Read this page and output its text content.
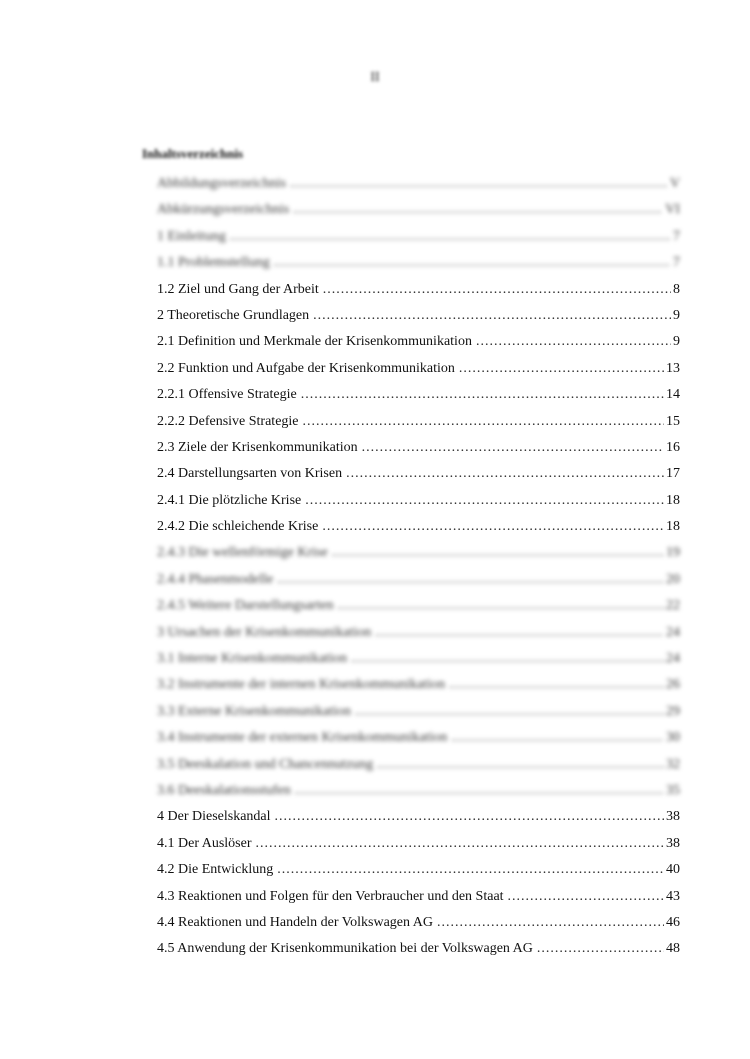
II
Inhaltsverzeichnis
Abbildungsverzeichnis .....	V
Abkürzungsverzeichnis .....	VI
1 Einleitung .....	7
1.1 Problemstellung .....	7
1.2 Ziel und Gang der Arbeit .....	8
2 Theoretische Grundlagen .....	9
2.1 Definition und Merkmale der Krisenkommunikation .....	9
2.2 Funktion und Aufgabe der Krisenkommunikation .....	13
2.2.1 Offensive Strategie .....	14
2.2.2 Defensive Strategie .....	15
2.3 Ziele der Krisenkommunikation .....	16
2.4 Darstellungsarten von Krisen .....	17
2.4.1 Die plötzliche Krise .....	18
2.4.2 Die schleichende Krise .....	18
2.4.3 Die wellenförmige Krise .....	19
2.4.4 Phasenmodelle .....	20
2.4.5 Weitere Darstellungsarten .....	22
3 Ursachen der Krisenkommunikation .....	24
3.1 Interne Krisenkommunikation .....	24
3.2 Instrumente der internen Krisenkommunikation .....	26
3.3 Externe Krisenkommunikation .....	29
3.4 Instrumente der externen Krisenkommunikation .....	30
3.5 Deeskalation und Chancennutzung .....	32
3.6 Deeskalationsstufen .....	35
4 Der Dieselskandal .....	38
4.1 Der Auslöser .....	38
4.2 Die Entwicklung .....	40
4.3 Reaktionen und Folgen für den Verbraucher und den Staat .....	43
4.4 Reaktionen und Handeln der Volkswagen AG .....	46
4.5 Anwendung der Krisenkommunikation bei der Volkswagen AG .....	48
